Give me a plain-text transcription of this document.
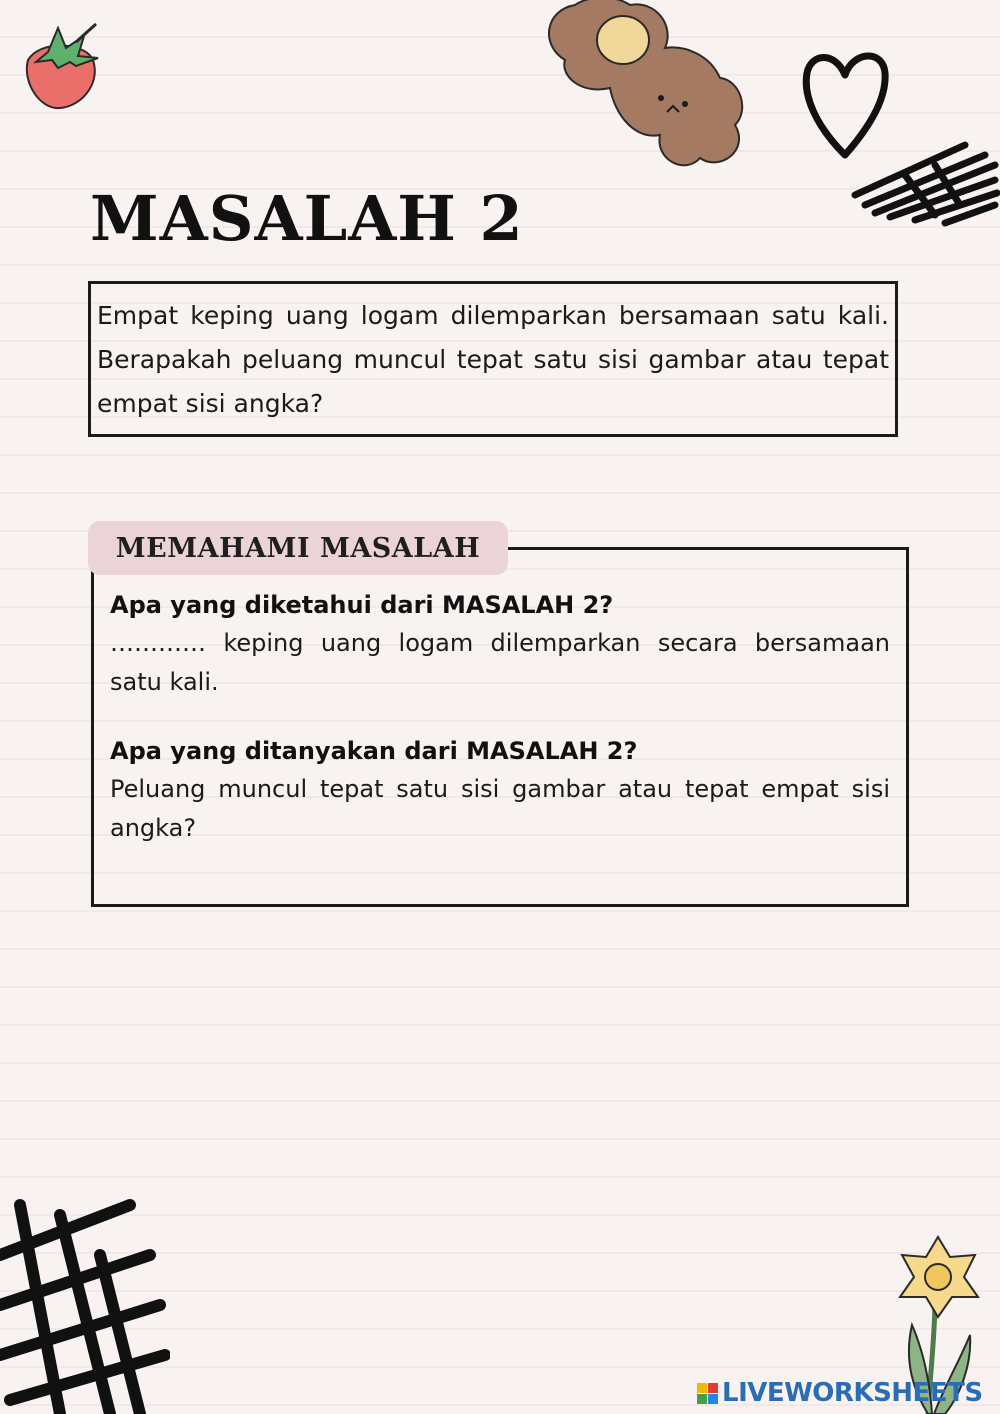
MASALAH 2

Empat keping uang logam dilemparkan bersamaan satu kali. Berapakah peluang muncul tepat satu sisi gambar atau tepat empat sisi angka?

Apa yang diketahui dari MASALAH 2?

………… keping uang logam dilemparkan secara bersamaan satu kali.

Apa yang ditanyakan dari MASALAH 2?

Peluang muncul tepat satu sisi gambar atau tepat empat sisi angka?

MEMAHAMI MASALAH
LIVEWORKSHEETS
